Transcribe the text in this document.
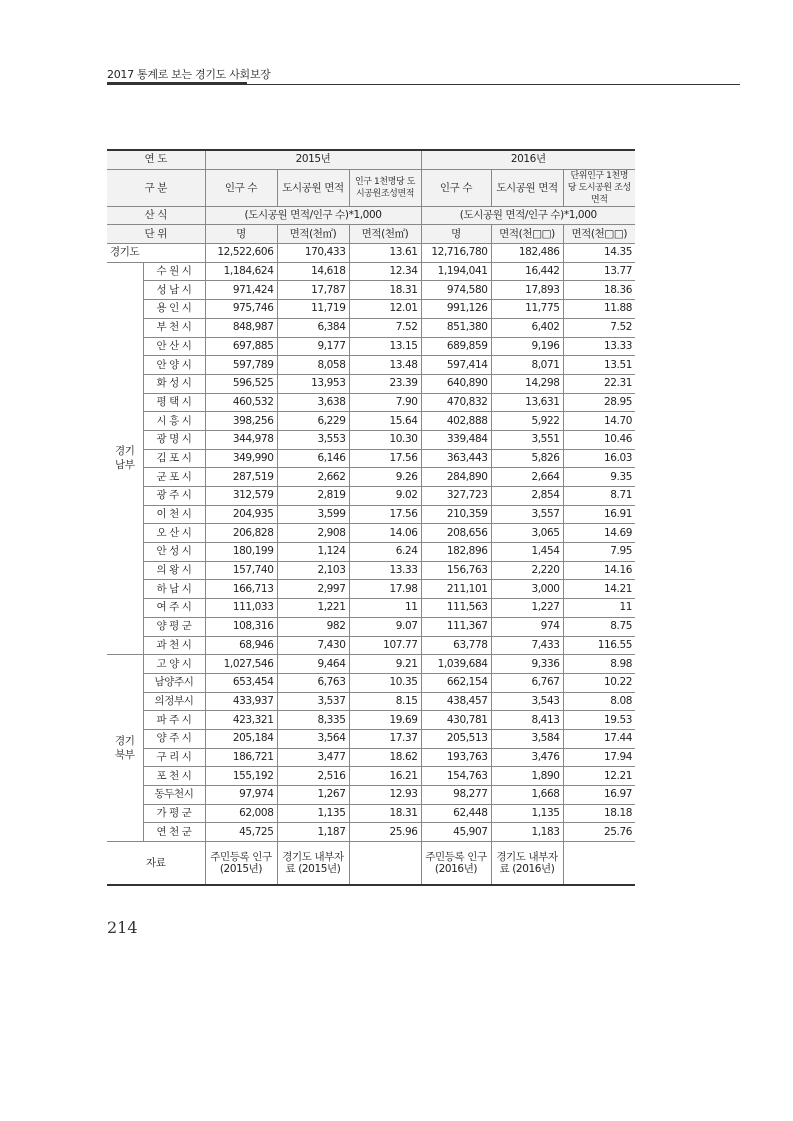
2017 통계로 보는 경기도 사회보장
연 도		2015년			2016년		
구 분		인구 수	도시공원 면적	인구 1천명당 도시공원조성면적	인구 수	도시공원 면적	단위인구 1천명당 도시공원 조성면적
산 식		(도시공원 면적/인구 수)*1,000			(도시공원 면적/인구 수)*1,000		
단 위		명	면적(천㎡)	면적(천㎡)	명	면적(천□□)	면적(천□□)
경기도		12,522,606	170,433	13.61	12,716,780	182,486	14.35
경기 남부	수 원 시	1,184,624	14,618	12.34	1,194,041	16,442	13.77
	성 남 시	971,424	17,787	18.31	974,580	17,893	18.36
	용 인 시	975,746	11,719	12.01	991,126	11,775	11.88
	부 천 시	848,987	6,384	7.52	851,380	6,402	7.52
	안 산 시	697,885	9,177	13.15	689,859	9,196	13.33
	안 양 시	597,789	8,058	13.48	597,414	8,071	13.51
	화 성 시	596,525	13,953	23.39	640,890	14,298	22.31
	평 택 시	460,532	3,638	7.90	470,832	13,631	28.95
	시 흥 시	398,256	6,229	15.64	402,888	5,922	14.70
	광 명 시	344,978	3,553	10.30	339,484	3,551	10.46
	김 포 시	349,990	6,146	17.56	363,443	5,826	16.03
	군 포 시	287,519	2,662	9.26	284,890	2,664	9.35
	광 주 시	312,579	2,819	9.02	327,723	2,854	8.71
	이 천 시	204,935	3,599	17.56	210,359	3,557	16.91
	오 산 시	206,828	2,908	14.06	208,656	3,065	14.69
	안 성 시	180,199	1,124	6.24	182,896	1,454	7.95
	의 왕 시	157,740	2,103	13.33	156,763	2,220	14.16
	하 남 시	166,713	2,997	17.98	211,101	3,000	14.21
	여 주 시	111,033	1,221	11	111,563	1,227	11
	양 평 군	108,316	982	9.07	111,367	974	8.75
	과 천 시	68,946	7,430	107.77	63,778	7,433	116.55
경기 북부	고 양 시	1,027,546	9,464	9.21	1,039,684	9,336	8.98
	남양주시	653,454	6,763	10.35	662,154	6,767	10.22
	의정부시	433,937	3,537	8.15	438,457	3,543	8.08
	파 주 시	423,321	8,335	19.69	430,781	8,413	19.53
	양 주 시	205,184	3,564	17.37	205,513	3,584	17.44
	구 리 시	186,721	3,477	18.62	193,763	3,476	17.94
	포 천 시	155,192	2,516	16.21	154,763	1,890	12.21
	동두천시	97,974	1,267	12.93	98,277	1,668	16.97
	가 평 군	62,008	1,135	18.31	62,448	1,135	18.18
	연 천 군	45,725	1,187	25.96	45,907	1,183	25.76
자료		주민등록 인구 (2015년)	경기도 내부자료 (2015년)		주민등록 인구 (2016년)	경기도 내부자료 (2016년)	
214
